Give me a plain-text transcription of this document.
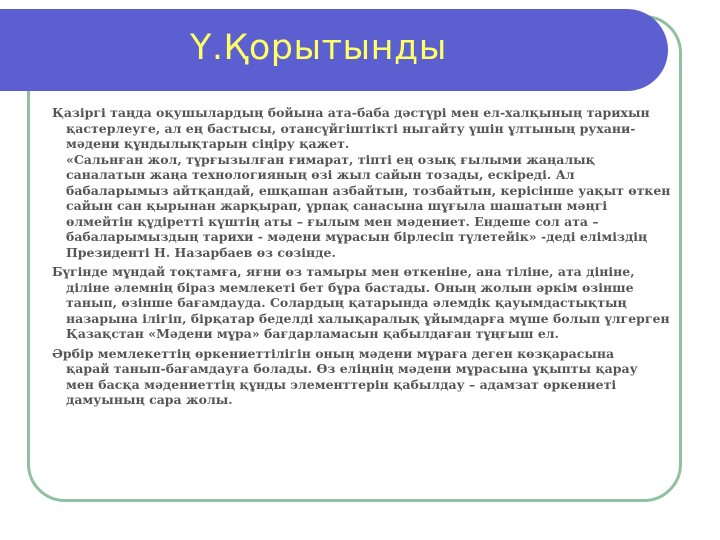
Ү.Қорытынды

Қазіргі таңда оқушылардың бойына ата-баба дәстүрі мен ел-халқының тарихын
қастерлеуге, ал ең бастысы, отансүйгіштікті ныгайту үшін ұлтының рухани-
мәдени құндылықтарын сіңіру қажет.
«Сальнған жол, тұрғызылған ғимарат, тіпті ең озық ғылыми жаңалық
саналатын жаңа технологияның өзі жыл сайын тозады, ескіреді. Ал
бабаларымыз айтқандай, ешқашан азбайтын, тозбайтын, керісінше уақыт өткен
сайын сан қырынан жарқырап, ұрпақ санасына шұғыла шашатын мәңгі
өлмейтін құдіретті күштің аты – ғылым мен мәдениет. Ендеше сол ата –
бабаларымыздың тарихи - мәдени мұрасын бірлесіп түлетейік» -деді еліміздің
Президенті Н. Назарбаев өз сөзінде.

Бүгінде мұндай тоқтамға, яғни өз тамыры мен өткеніне, ана тіліне, ата дініне,
діліне әлемнің біраз мемлекеті бет бұра бастады. Оның жолын әркім өзінше
танып, өзінше бағамдауда. Солардың қатарында әлемдік қауымдастықтың
назарына ілігіп, бірқатар беделді халықаралық ұйымдарға мүше болып үлгерген
Қазақстан «Мәдени мұра» бағдарламасын қабылдаған тұңғыш ел.

Әрбір мемлекеттің өркениеттілігін оның мәдени мұраға деген көзқарасына
қарай танып-бағамдауға болады. Өз еліңнің мәдени мұрасына ұқыпты қарау
мен басқа мәдениеттің құнды элементтерін қабылдау – адамзат өркениеті
дамуының сара жолы.
